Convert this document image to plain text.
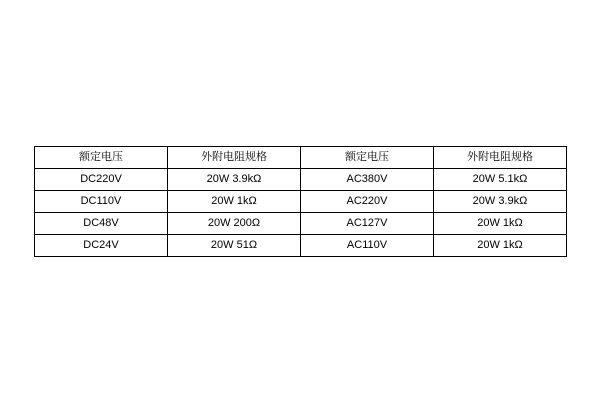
额定电压	外附电阻规格	额定电压	外附电阻规格
DC220V	20W 3.9kΩ	AC380V	20W 5.1kΩ
DC110V	20W 1kΩ	AC220V	20W 3.9kΩ
DC48V	20W 200Ω	AC127V	20W 1kΩ
DC24V	20W 51Ω	AC110V	20W 1kΩ
